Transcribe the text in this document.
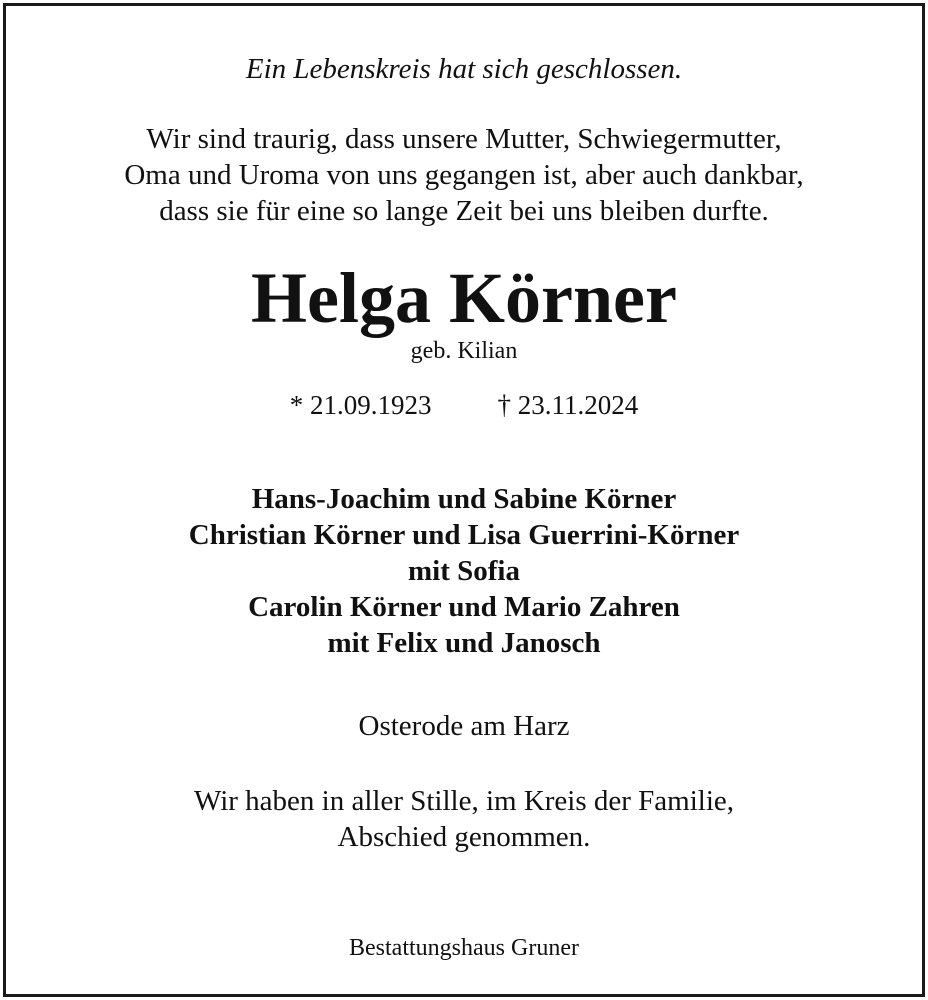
Ein Lebenskreis hat sich geschlossen.
Wir sind traurig, dass unsere Mutter, Schwiegermutter,
Oma und Uroma von uns gegangen ist, aber auch dankbar,
dass sie für eine so lange Zeit bei uns bleiben durfte.
Helga Körner
geb. Kilian
* 21.09.1923 † 23.11.2024
Hans-Joachim und Sabine Körner
Christian Körner und Lisa Guerrini-Körner
mit Sofia
Carolin Körner und Mario Zahren
mit Felix und Janosch
Osterode am Harz
Wir haben in aller Stille, im Kreis der Familie,
Abschied genommen.
Bestattungshaus Gruner
